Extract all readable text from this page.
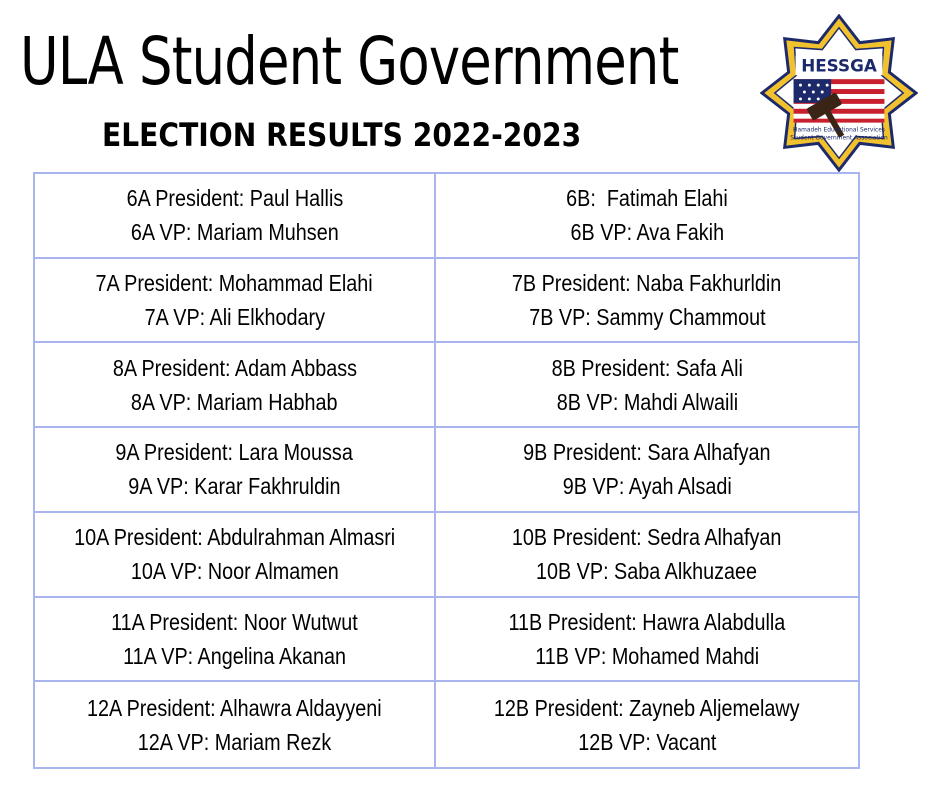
ULA Student Government
ELECTION RESULTS 2022-2023
HESSGA
Hamadeh Educational Services
Student Government Association
6A President: Paul Hallis
6A VP: Mariam Muhsen
6B:  Fatimah Elahi
6B VP: Ava Fakih
7A President: Mohammad Elahi
7A VP: Ali Elkhodary
7B President: Naba Fakhurldin
7B VP: Sammy Chammout
8A President: Adam Abbass
8A VP: Mariam Habhab
8B President: Safa Ali
8B VP: Mahdi Alwaili
9A President: Lara Moussa
9A VP: Karar Fakhruldin
9B President: Sara Alhafyan
9B VP: Ayah Alsadi
10A President: Abdulrahman Almasri
10A VP: Noor Almamen
10B President: Sedra Alhafyan
10B VP: Saba Alkhuzaee
11A President: Noor Wutwut
11A VP: Angelina Akanan
11B President: Hawra Alabdulla
11B VP: Mohamed Mahdi
12A President: Alhawra Aldayyeni
12A VP: Mariam Rezk
12B President: Zayneb Aljemelawy
12B VP: Vacant
